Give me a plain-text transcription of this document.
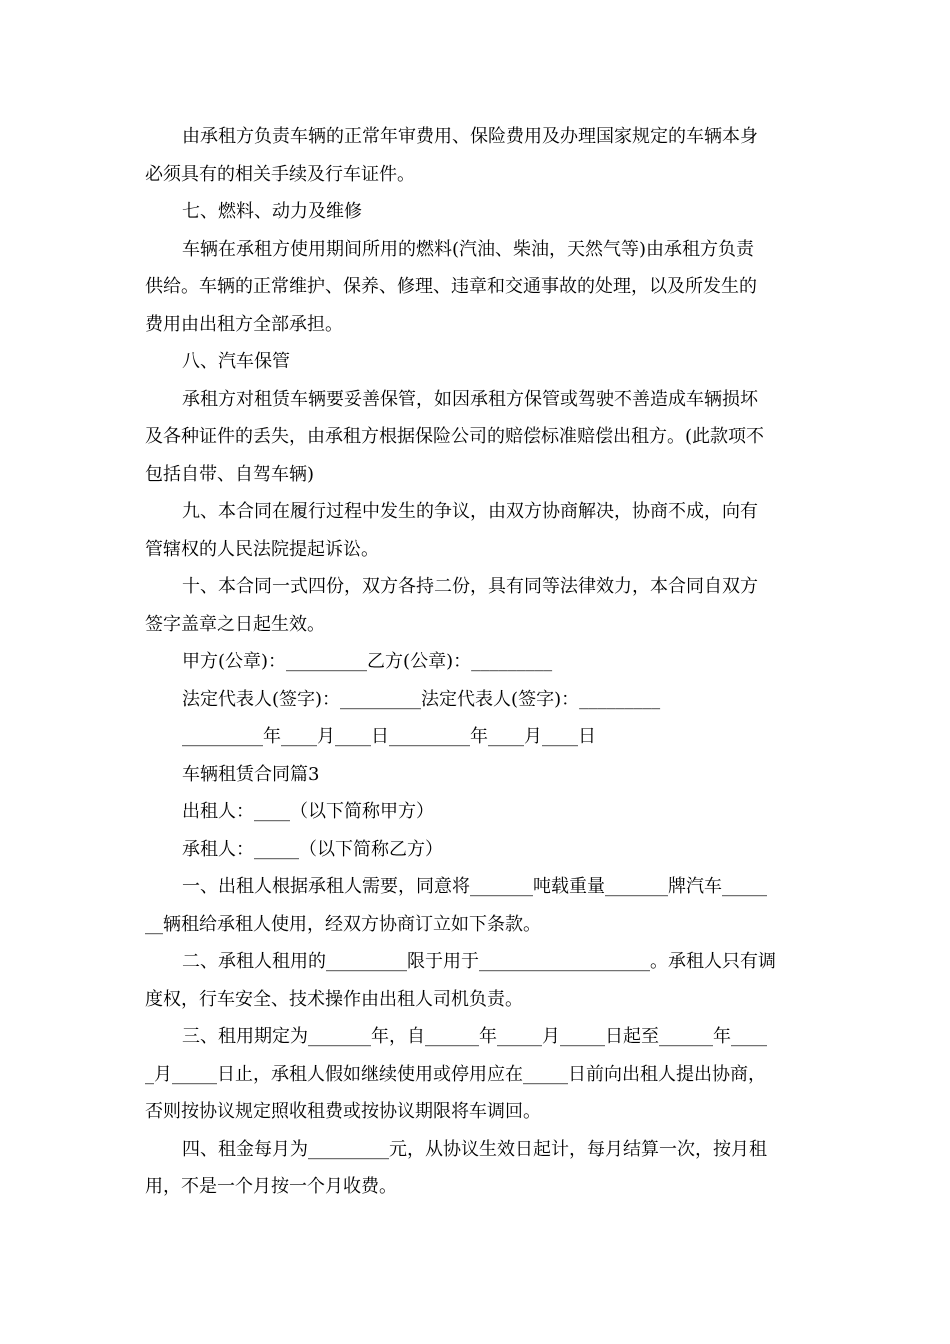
由承租方负责车辆的正常年审费用、保险费用及办理国家规定的车辆本身
必须具有的相关手续及行车证件。
七、燃料、动力及维修
车辆在承租方使用期间所用的燃料(汽油、柴油，天然气等)由承租方负责
供给。车辆的正常维护、保养、修理、违章和交通事故的处理，以及所发生的
费用由出租方全部承担。
八、汽车保管
承租方对租赁车辆要妥善保管，如因承租方保管或驾驶不善造成车辆损坏
及各种证件的丢失，由承租方根据保险公司的赔偿标准赔偿出租方。(此款项不
包括自带、自驾车辆)
九、本合同在履行过程中发生的争议，由双方协商解决，协商不成，向有
管辖权的人民法院提起诉讼。
十、本合同一式四份，双方各持二份，具有同等法律效力，本合同自双方
签字盖章之日起生效。
甲方(公章)：_________乙方(公章)：_________
法定代表人(签字)：_________法定代表人(签字)：_________
_________年____月____日_________年____月____日
车辆租赁合同篇3
出租人：____（以下简称甲方）
承租人：_____（以下简称乙方）
一、出租人根据承租人需要，同意将_______吨载重量_______牌汽车_____
__辆租给承租人使用，经双方协商订立如下条款。
二、承租人租用的_________限于用于___________________。承租人只有调
度权，行车安全、技术操作由出租人司机负责。
三、租用期定为_______年，自______年_____月_____日起至______年____
_月_____日止，承租人假如继续使用或停用应在_____日前向出租人提出协商，
否则按协议规定照收租费或按协议期限将车调回。
四、租金每月为_________元，从协议生效日起计，每月结算一次，按月租
用，不是一个月按一个月收费。
